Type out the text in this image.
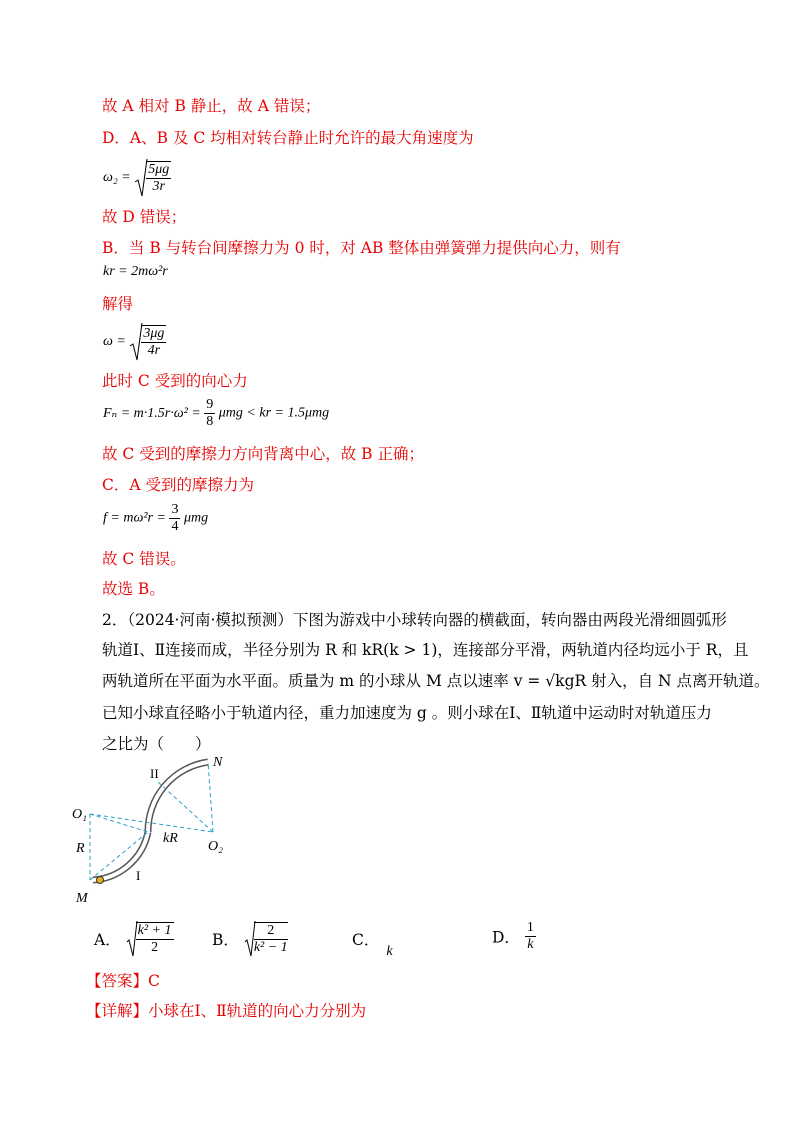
故 A 相对 B 静止，故 A 错误；
D．A、B 及 C 均相对转台静止时允许的最大角速度为
$\omega_2 = \frac{5\mu g}{3r}$
故 D 错误；
B．当 B 与转台间摩擦力为 0 时，对 AB 整体由弹簧弹力提供向心力，则有
kr = 2mω²r
解得
$\omega = \frac{3\mu g}{4r}$
此时 C 受到的向心力
$F_n = m\cdot 1.5r\cdot\omega^2 = \frac{9}{8}$ μmg < kr = 1.5μmg
故 C 受到的摩擦力方向背离中心，故 B 正确；
C．A 受到的摩擦力为
$f = m\omega^2r = \frac{3}{4}$ μmg
故 C 错误。
故选 B。
2．（2024·河南·模拟预测）下图为游戏中小球转向器的横截面，转向器由两段光滑细圆弧形
轨道Ⅰ、Ⅱ连接而成，半径分别为 R 和 kR(k > 1)，连接部分平滑，两轨道内径均远小于 R，且
两轨道所在平面为水平面。质量为 m 的小球从 M 点以速率 v = √kgR 射入，自 N 点离开轨道。
已知小球直径略小于轨道内径，重力加速度为 g 。则小球在Ⅰ、Ⅱ轨道中运动时对轨道压力
之比为（　　）
O₁
O₂
R
kR
M
N
I
II
A． $\frac{\text{k² + 1}}{2}$ B． $\frac{2}{\text{k² − 1}}$	C． k
D． $\frac{1}{k}$
【答案】C
【详解】小球在Ⅰ、Ⅱ轨道的向心力分别为
